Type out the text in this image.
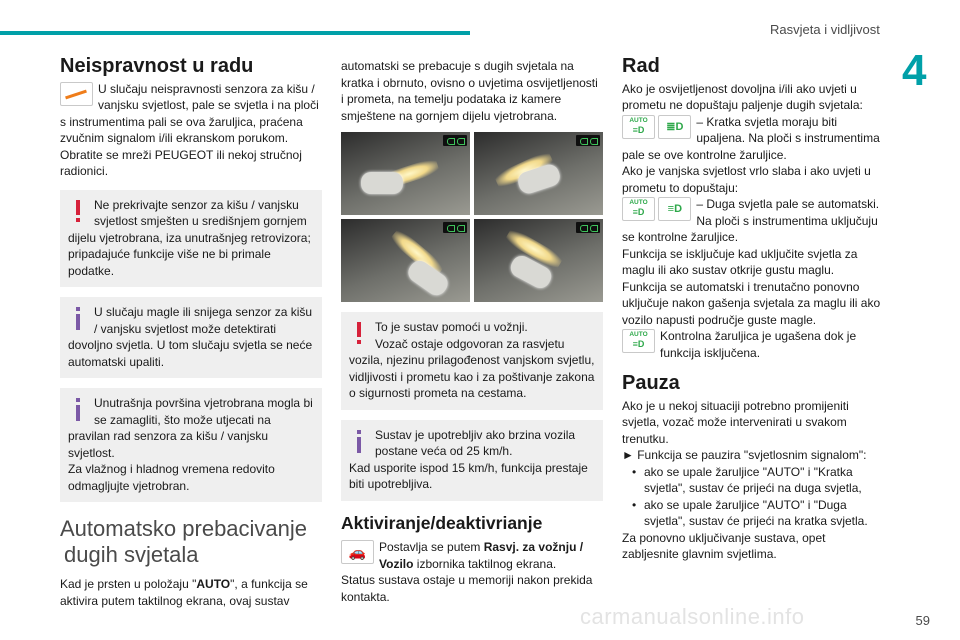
Rasvjeta i vidljivost
4
Neispravnost u radu

U slučaju neispravnosti senzora za kišu / vanjsku svjetlost, pale se svjetla i na ploči s instrumentima pali se ova žaruljica, praćena zvučnim signalom i/ili ekranskom porukom. Obratite se mreži PEUGEOT ili nekoj stručnoj radionici.

Ne prekrivajte senzor za kišu / vanjsku svjetlost smješten u središnjem gornjem dijelu vjetrobrana, iza unutrašnjeg retrovizora; pripadajuće funkcije više ne bi primale podatke.

U slučaju magle ili snijega senzor za kišu / vanjsku svjetlost može detektirati dovoljno svjetla. U tom slučaju svjetla se neće automatski upaliti.

Unutrašnja površina vjetrobrana mogla bi se zamagliti, što može utjecati na pravilan rad senzora za kišu / vanjsku svjetlost.

Za vlažnog i hladnog vremena redovito odmagljujte vjetrobran.

Automatsko prebacivanje
dugih svjetala

Kad je prsten u položaju "AUTO", a funkcija se aktivira putem taktilnog ekrana, ovaj sustav

automatski se prebacuje s dugih svjetala na kratka i obrnuto, ovisno o uvjetima osvijetljenosti i prometa, na temelju podataka iz kamere smještene na gornjem dijelu vjetrobrana.

To je sustav pomoći u vožnji.

Vozač ostaje odgovoran za rasvjetu vozila, njezinu prilagođenost vanjskom svjetlu, vidljivosti i prometu kao i za poštivanje zakona o sigurnosti prometa na cestama.

Sustav je upotrebljiv ako brzina vozila postane veća od 25 km/h.

Kad usporite ispod 15 km/h, funkcija prestaje biti upotrebljiva.

Aktiviranje/deaktivrianje
🚗	Postavlja se putem Rasvj. za vožnju / Vozilo izbornika taktilnog ekrana.

Status sustava ostaje u memoriji nakon prekida kontakta.

Rad

Ako je osvijetljenost dovoljna i/ili ako uvjeti u prometu ne dopuštaju paljenje dugih svjetala:

AUTO
≡D	≣D	– Kratka svjetla moraju biti upaljena. Na ploči s instrumentima pale se ove kontrolne žaruljice.

Ako je vanjska svjetlost vrlo slaba i ako uvjeti u prometu to dopuštaju:

AUTO
≡D	≡D	– Duga svjetla pale se automatski. Na ploči s instrumentima uključuju se kontrolne žaruljice.

Funkcija se isključuje kad uključite svjetla za maglu ili ako sustav otkrije gustu maglu.

Funkcija se automatski i trenutačno ponovno uključuje nakon gašenja svjetala za maglu ili ako vozilo napusti područje guste magle.

AUTO
≡D

Kontrolna žaruljica je ugašena dok je funkcija isključena.

Pauza

Ako je u nekoj situaciji potrebno promijeniti svjetla, vozač može intervenirati u svakom trenutku.

► Funkcija se pauzira "svjetlosnim signalom":

• ako se upale žaruljice "AUTO" i "Kratka svjetla", sustav će prijeći na duga svjetla,
• ako se upale žaruljice "AUTO" i "Duga svjetla", sustav će prijeći na kratka svjetla.

Za ponovno uključivanje sustava, opet zablјesnite glavnim svjetlima.

carmanualsonline.info	59
